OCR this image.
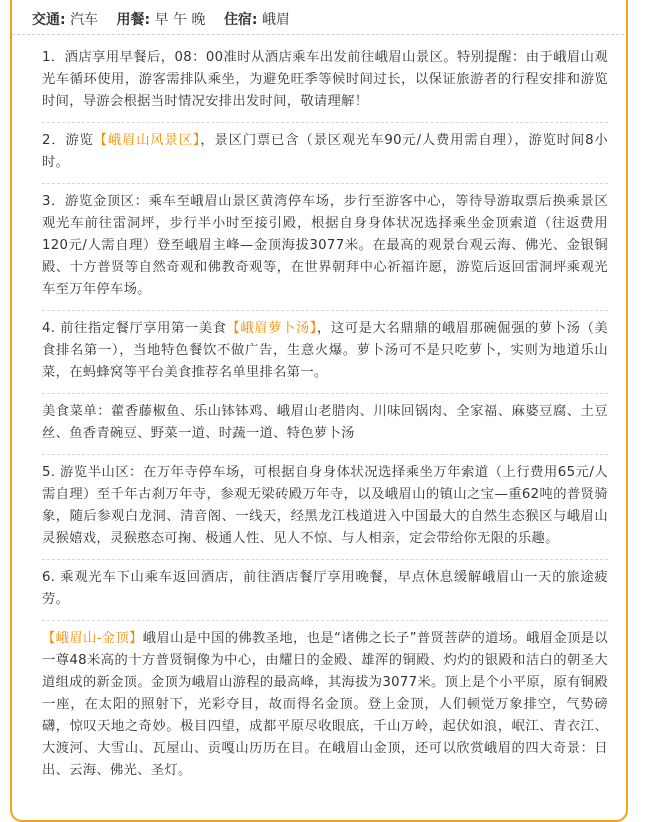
交通: 汽车 用餐: 早 午 晚 住宿: 峨眉

1．酒店享用早餐后，08：00准时从酒店乘车出发前往峨眉山景区。特别提醒：由于峨眉山观光车循环使用，游客需排队乘坐，为避免旺季等候时间过长，以保证旅游者的行程安排和游览时间，导游会根据当时情况安排出发时间，敬请理解！

2．游览【峨眉山风景区】，景区门票已含（景区观光车90元/人费用需自理），游览时间8小时。

3．游览金顶区：乘车至峨眉山景区黄湾停车场，步行至游客中心，等待导游取票后换乘景区观光车前往雷洞坪，步行半小时至接引殿，根据自身身体状况选择乘坐金顶索道（往返费用120元/人需自理）登至峨眉主峰—金顶海拔3077米。在最高的观景台观云海、佛光、金银铜殿、十方普贤等自然奇观和佛教奇观等，在世界朝拜中心祈福许愿，游览后返回雷洞坪乘观光车至万年停车场。

4. 前往指定餐厅享用第一美食【峨眉萝卜汤】，这可是大名鼎鼎的峨眉那碗倔强的萝卜汤（美食排名第一），当地特色餐饮不做广告，生意火爆。萝卜汤可不是只吃萝卜，实则为地道乐山菜，在蚂蜂窝等平台美食推荐名单里排名第一。

美食菜单：藿香藤椒鱼、乐山钵钵鸡、峨眉山老腊肉、川味回锅肉、全家福、麻婆豆腐、土豆丝、鱼香青碗豆、野菜一道、时蔬一道、特色萝卜汤

5. 游览半山区：在万年寺停车场，可根据自身身体状况选择乘坐万年索道（上行费用65元/人需自理）至千年古刹万年寺，参观无梁砖殿万年寺，以及峨眉山的镇山之宝—重62吨的普贤骑象，随后参观白龙洞、清音阁、一线天，经黑龙江栈道进入中国最大的自然生态猴区与峨眉山灵猴嬉戏，灵猴憨态可掬、极通人性、见人不惊、与人相亲，定会带给你无限的乐趣。

6. 乘观光车下山乘车返回酒店，前往酒店餐厅享用晚餐，早点休息缓解峨眉山一天的旅途疲劳。

【峨眉山-金顶】峨眉山是中国的佛教圣地，也是“诸佛之长子”普贤菩萨的道场。峨眉金顶是以一尊48米高的十方普贤铜像为中心，由耀日的金殿、雄浑的铜殿、灼灼的银殿和洁白的朝圣大道组成的新金顶。金顶为峨眉山游程的最高峰，其海拔为3077米。顶上是个小平原，原有铜殿一座，在太阳的照射下，光彩夺目，故而得名金顶。登上金顶，人们顿觉万象排空，气势磅礴，惊叹天地之奇妙。极目四望，成都平原尽收眼底，千山万岭，起伏如浪，岷江、青衣江、大渡河、大雪山、瓦屋山、贡嘎山历历在目。在峨眉山金顶，还可以欣赏峨眉的四大奇景：日出、云海、佛光、圣灯。
